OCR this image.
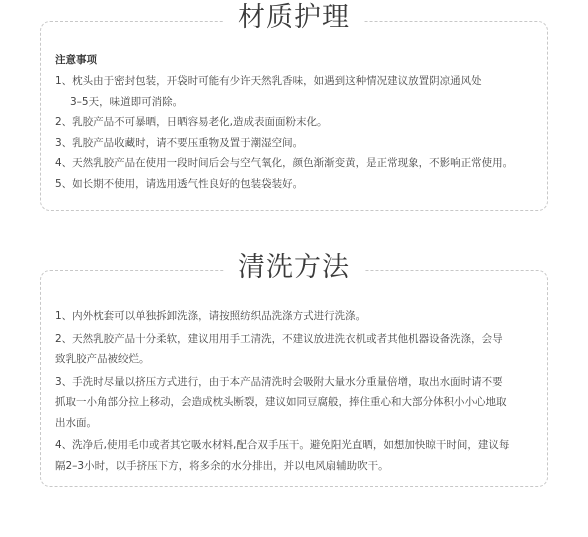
材质护理
注意事项
1、枕头由于密封包装，开袋时可能有少许天然乳香味，如遇到这种情况建议放置阴凉通风处
3–5天，味道即可消除。
2、乳胶产品不可暴晒，日晒容易老化,造成表面面粉末化。
3、乳胶产品收藏时，请不要压重物及置于潮湿空间。
4、天然乳胶产品在使用一段时间后会与空气氧化，颜色渐渐变黄，是正常现象，不影响正常使用。
5、如长期不使用，请选用透气性良好的包装袋装好。
清洗方法
1、内外枕套可以单独拆卸洗涤，请按照纺织品洗涤方式进行洗涤。
2、天然乳胶产品十分柔软，建议用用手工清洗，不建议放进洗衣机或者其他机器设备洗涤，会导
致乳胶产品被绞烂。
3、手洗时尽量以挤压方式进行，由于本产品清洗时会吸附大量水分重量倍增，取出水面时请不要
抓取一小角部分拉上移动，会造成枕头断裂，建议如同豆腐般，捧住重心和大部分体积小小心地取
出水面。
4、洗净后,使用毛巾或者其它吸水材料,配合双手压干。避免阳光直晒，如想加快晾干时间，建议每
隔2–3小时，以手挤压下方，将多余的水分排出，并以电风扇辅助吹干。
